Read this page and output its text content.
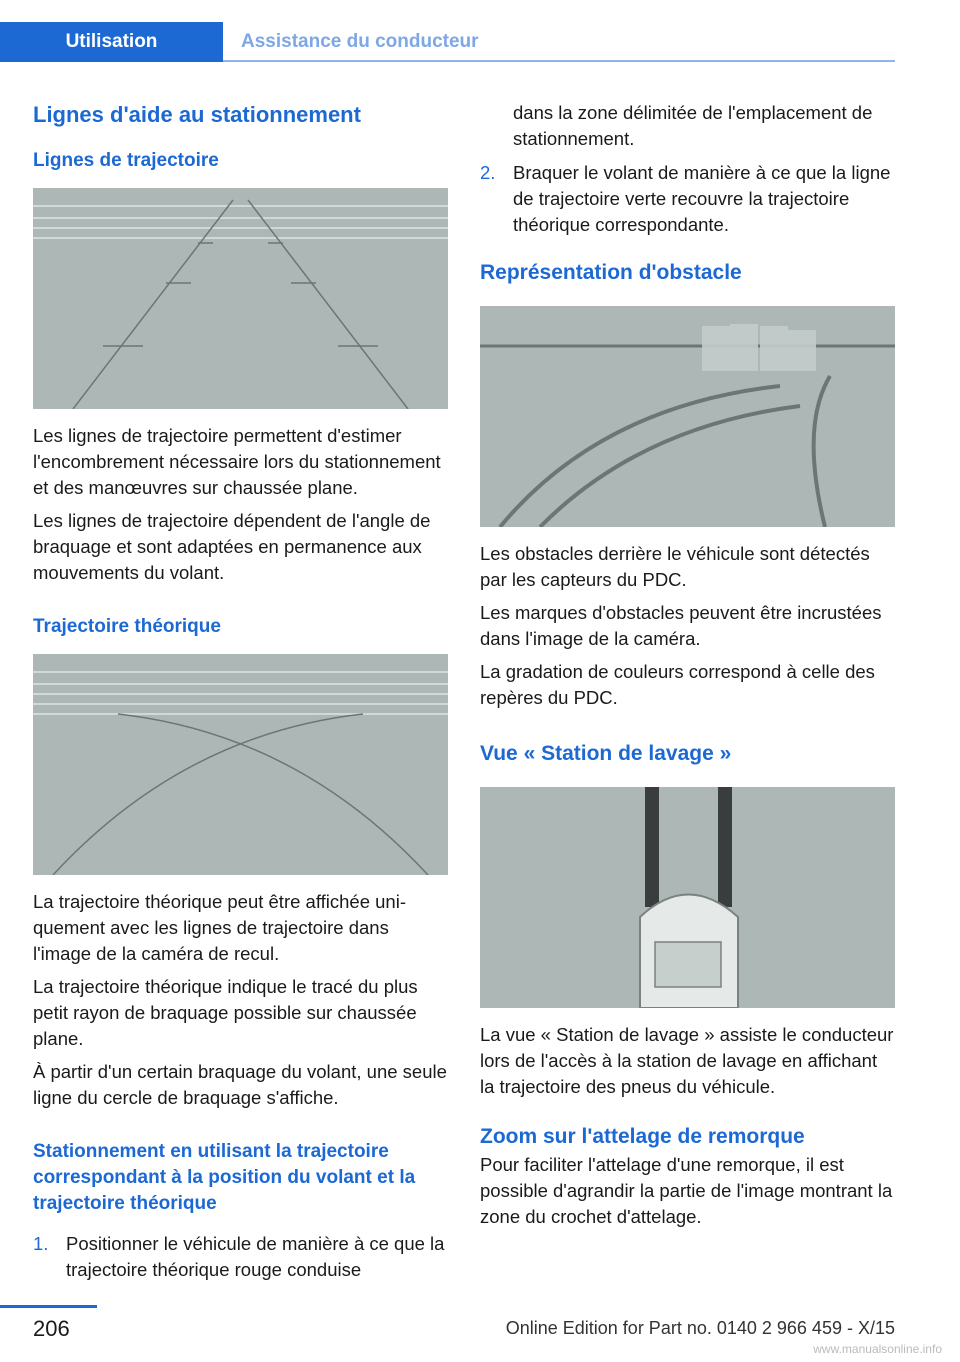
Utilisation	Assistance du conducteur
Lignes d'aide au stationnement
Lignes de trajectoire

Les lignes de trajectoire permettent d'estimer l'encombrement nécessaire lors du stationnement et des manœuvres sur chaussée plane.

Les lignes de trajectoire dépendent de l'angle de braquage et sont adaptées en permanence aux mouvements du volant.

Trajectoire théorique

La trajectoire théorique peut être affichée uniquement avec les lignes de trajectoire dans l'image de la caméra de recul.

La trajectoire théorique indique le tracé du plus petit rayon de braquage possible sur chaussée plane.

À partir d'un certain braquage du volant, une seule ligne du cercle de braquage s'affiche.

Stationnement en utilisant la trajectoire correspondant à la position du volant et la trajectoire théorique
1. Positionner le véhicule de manière à ce que la trajectoire théorique rouge conduise
dans la zone délimitée de l'emplacement de stationnement.
2. Braquer le volant de manière à ce que la ligne de trajectoire verte recouvre la trajectoire théorique correspondante.
Représentation d'obstacle

Les obstacles derrière le véhicule sont détectés par les capteurs du PDC.

Les marques d'obstacles peuvent être incrustées dans l'image de la caméra.

La gradation de couleurs correspond à celle des repères du PDC.

Vue « Station de lavage »

La vue « Station de lavage » assiste le conducteur lors de l'accès à la station de lavage en affichant la trajectoire des pneus du véhicule.

Zoom sur l'attelage de remorque

Pour faciliter l'attelage d'une remorque, il est possible d'agrandir la partie de l'image montrant la zone du crochet d'attelage.

206	Online Edition for Part no. 0140 2 966 459 - X/15
www.manualsonline.info
